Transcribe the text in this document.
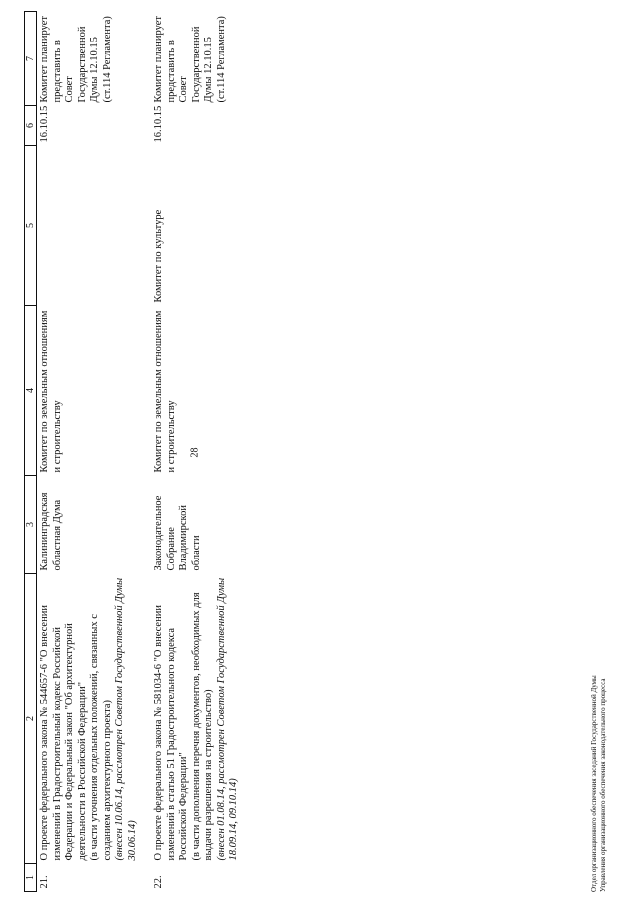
28
1	2	3	4	5	6	7
21.	О проекте федерального закона № 544657-6 "О внесении изменений в Градостроительный кодекс Российской Федерации и Федеральный закон "Об архитектурной деятельности в Российской Федерации" (в части уточнения отдельных положений, связанных с созданием архитектурного проекта) (внесен 10.06.14, рассмотрен Советом Государственной Думы 30.06.14)	Калининградская областная Дума	Комитет по земельным отношениям и строительству		16.10.15	Комитет планирует представить в Совет Государственной Думы 12.10.15 (ст.114 Регламента)

22.	О проекте федерального закона № 581034-6 "О внесении изменений в статью 51 Градостроительного кодекса Российской Федерации" (в части дополнения перечня документов, необходимых для выдачи разрешения на строительство) (внесен 01.08.14, рассмотрен Советом Государственной Думы 18.09.14, 09.10.14)	Законодательное Собрание Владимирской области	Комитет по земельным отношениям и строительству	Комитет по культуре	16.10.15	Комитет планирует представить в Совет Государственной Думы 12.10.15 (ст.114 Регламента)
Отдел организационного обеспечения заседаний Государственной Думы Управления организационного обеспечения законодательного процесса
